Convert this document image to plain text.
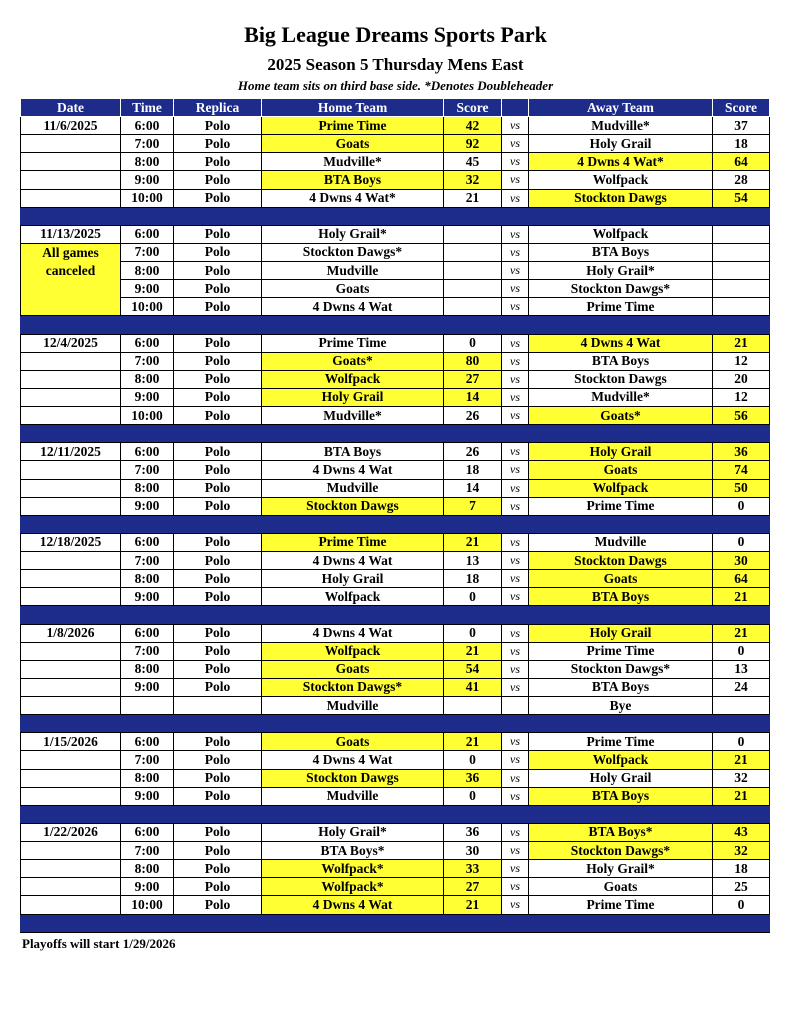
Big League Dreams Sports Park
2025 Season 5 Thursday Mens East
Home team sits on third base side. *Denotes Doubleheader
Date	Time	Replica	Home Team	Score		Away Team	Score
11/6/2025	6:00	Polo	Prime Time	42	vs	Mudville*	37
	7:00	Polo	Goats	92	vs	Holy Grail	18
	8:00	Polo	Mudville*	45	vs	4 Dwns 4 Wat*	64
	9:00	Polo	BTA Boys	32	vs	Wolfpack	28
	10:00	Polo	4 Dwns 4 Wat*	21	vs	Stockton Dawgs	54

11/13/2025	6:00	Polo	Holy Grail*		vs	Wolfpack	
All games canceled	7:00	Polo	Stockton Dawgs*		vs	BTA Boys	
	8:00	Polo	Mudville		vs	Holy Grail*	
	9:00	Polo	Goats		vs	Stockton Dawgs*	
	10:00	Polo	4 Dwns 4 Wat		vs	Prime Time	

12/4/2025	6:00	Polo	Prime Time	0	vs	4 Dwns 4 Wat	21
	7:00	Polo	Goats*	80	vs	BTA Boys	12
	8:00	Polo	Wolfpack	27	vs	Stockton Dawgs	20
	9:00	Polo	Holy Grail	14	vs	Mudville*	12
	10:00	Polo	Mudville*	26	vs	Goats*	56

12/11/2025	6:00	Polo	BTA Boys	26	vs	Holy Grail	36
	7:00	Polo	4 Dwns 4 Wat	18	vs	Goats	74
	8:00	Polo	Mudville	14	vs	Wolfpack	50
	9:00	Polo	Stockton Dawgs	7	vs	Prime Time	0

12/18/2025	6:00	Polo	Prime Time	21	vs	Mudville	0
	7:00	Polo	4 Dwns 4 Wat	13	vs	Stockton Dawgs	30
	8:00	Polo	Holy Grail	18	vs	Goats	64
	9:00	Polo	Wolfpack	0	vs	BTA Boys	21

1/8/2026	6:00	Polo	4 Dwns 4 Wat	0	vs	Holy Grail	21
	7:00	Polo	Wolfpack	21	vs	Prime Time	0
	8:00	Polo	Goats	54	vs	Stockton Dawgs*	13
	9:00	Polo	Stockton Dawgs*	41	vs	BTA Boys	24
			Mudville			Bye	

1/15/2026	6:00	Polo	Goats	21	vs	Prime Time	0
	7:00	Polo	4 Dwns 4 Wat	0	vs	Wolfpack	21
	8:00	Polo	Stockton Dawgs	36	vs	Holy Grail	32
	9:00	Polo	Mudville	0	vs	BTA Boys	21

1/22/2026	6:00	Polo	Holy Grail*	36	vs	BTA Boys*	43
	7:00	Polo	BTA Boys*	30	vs	Stockton Dawgs*	32
	8:00	Polo	Wolfpack*	33	vs	Holy Grail*	18
	9:00	Polo	Wolfpack*	27	vs	Goats	25
	10:00	Polo	4 Dwns 4 Wat	21	vs	Prime Time	0

Playoffs will start 1/29/2026
